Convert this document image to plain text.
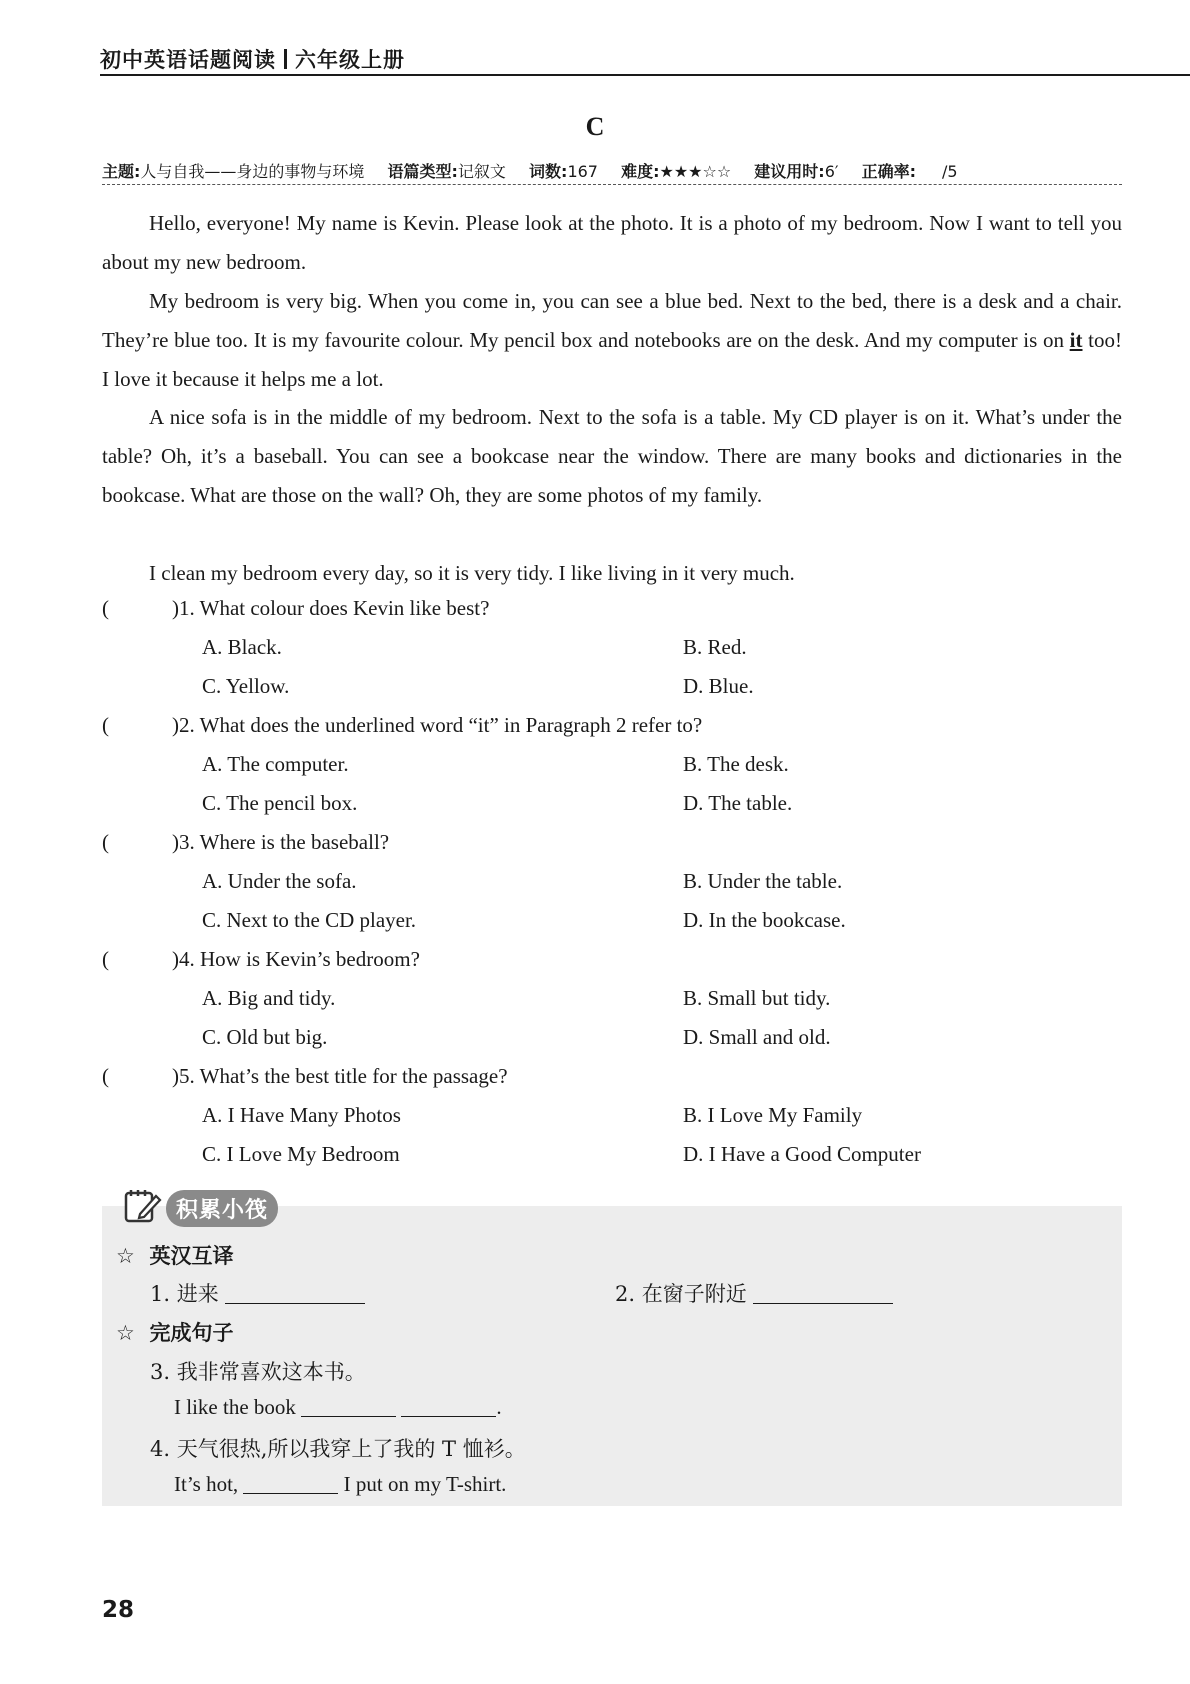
初中英语话题阅读 六年级上册
C
主题:人与自我——身边的事物与环境 语篇类型:记叙文 词数:167 难度:★★★☆☆ 建议用时:6′ 正确率: /5
Hello, everyone! My name is Kevin. Please look at the photo. It is a photo of my bedroom. Now I want to tell you about my new bedroom.
My bedroom is very big. When you come in, you can see a blue bed. Next to the bed, there is a desk and a chair. They’re blue too. It is my favourite colour. My pencil box and notebooks are on the desk. And my computer is on it too! I love it because it helps me a lot.
A nice sofa is in the middle of my bedroom. Next to the sofa is a table. My CD player is on it. What’s under the table? Oh, it’s a baseball. You can see a bookcase near the window. There are many books and dictionaries in the bookcase. What are those on the wall? Oh, they are some photos of my family.
I clean my bedroom every day, so it is very tidy. I like living in it very much.
(	)1. What colour does Kevin like best?
A. Black.	B. Red.
C. Yellow.	D. Blue.
(	)2. What does the underlined word “it” in Paragraph 2 refer to?
A. The computer.	B. The desk.
C. The pencil box.	D. The table.
(	)3. Where is the baseball?
A. Under the sofa.	B. Under the table.
C. Next to the CD player.	D. In the bookcase.
(	)4. How is Kevin’s bedroom?
A. Big and tidy.	B. Small but tidy.
C. Old but big.	D. Small and old.
(	)5. What’s the best title for the passage?
A. I Have Many Photos	B. I Love My Family
C. I Love My Bedroom	D. I Have a Good Computer
积累小筏
☆ 英汉互译
1. 进来	2. 在窗子附近
☆ 完成句子
3. 我非常喜欢这本书。
I like the book	.
4. 天气很热,所以我穿上了我的 T 恤衫。
It’s hot,	I put on my T-shirt.
28
